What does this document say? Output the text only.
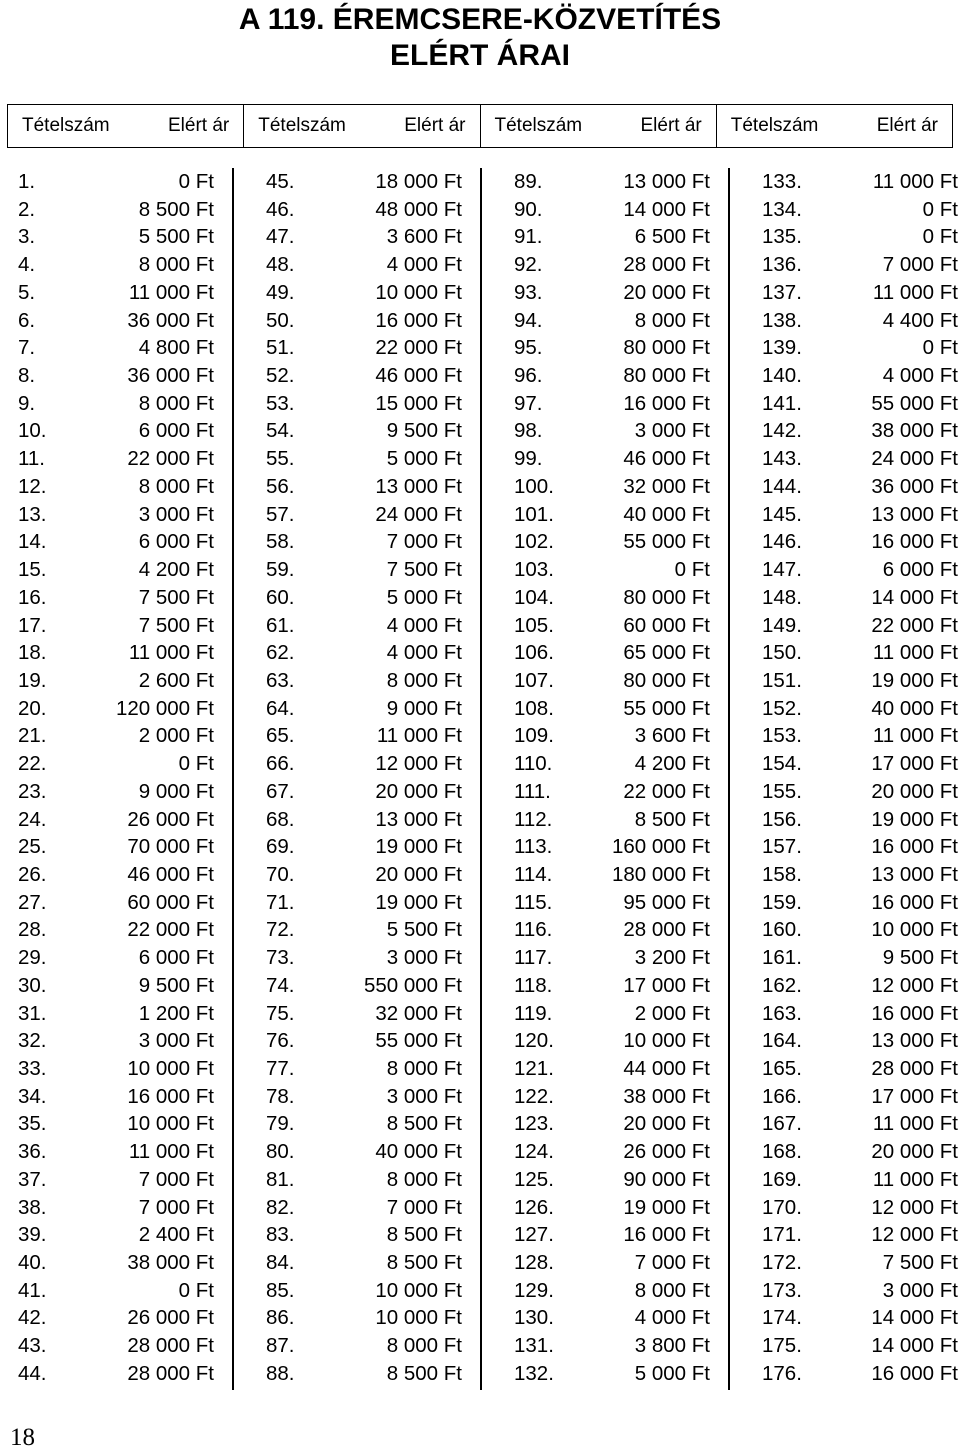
A 119. ÉREMCSERE-KÖZVETÍTÉS
ELÉRT ÁRAI
Tételszám	Elért ár Tételszám	Elért ár Tételszám	Elért ár Tételszám	Elért ár
1.	0 Ft
2.	8 500 Ft
3.	5 500 Ft
4.	8 000 Ft
5.	11 000 Ft
6.	36 000 Ft
7.	4 800 Ft
8.	36 000 Ft
9.	8 000 Ft
10.	6 000 Ft
11.	22 000 Ft
12.	8 000 Ft
13.	3 000 Ft
14.	6 000 Ft
15.	4 200 Ft
16.	7 500 Ft
17.	7 500 Ft
18.	11 000 Ft
19.	2 600 Ft
20.	120 000 Ft
21.	2 000 Ft
22.	0 Ft
23.	9 000 Ft
24.	26 000 Ft
25.	70 000 Ft
26.	46 000 Ft
27.	60 000 Ft
28.	22 000 Ft
29.	6 000 Ft
30.	9 500 Ft
31.	1 200 Ft
32.	3 000 Ft
33.	10 000 Ft
34.	16 000 Ft
35.	10 000 Ft
36.	11 000 Ft
37.	7 000 Ft
38.	7 000 Ft
39.	2 400 Ft
40.	38 000 Ft
41.	0 Ft
42.	26 000 Ft
43.	28 000 Ft
44.	28 000 Ft
45.	18 000 Ft
46.	48 000 Ft
47.	3 600 Ft
48.	4 000 Ft
49.	10 000 Ft
50.	16 000 Ft
51.	22 000 Ft
52.	46 000 Ft
53.	15 000 Ft
54.	9 500 Ft
55.	5 000 Ft
56.	13 000 Ft
57.	24 000 Ft
58.	7 000 Ft
59.	7 500 Ft
60.	5 000 Ft
61.	4 000 Ft
62.	4 000 Ft
63.	8 000 Ft
64.	9 000 Ft
65.	11 000 Ft
66.	12 000 Ft
67.	20 000 Ft
68.	13 000 Ft
69.	19 000 Ft
70.	20 000 Ft
71.	19 000 Ft
72.	5 500 Ft
73.	3 000 Ft
74.	550 000 Ft
75.	32 000 Ft
76.	55 000 Ft
77.	8 000 Ft
78.	3 000 Ft
79.	8 500 Ft
80.	40 000 Ft
81.	8 000 Ft
82.	7 000 Ft
83.	8 500 Ft
84.	8 500 Ft
85.	10 000 Ft
86.	10 000 Ft
87.	8 000 Ft
88.	8 500 Ft
89.	13 000 Ft
90.	14 000 Ft
91.	6 500 Ft
92.	28 000 Ft
93.	20 000 Ft
94.	8 000 Ft
95.	80 000 Ft
96.	80 000 Ft
97.	16 000 Ft
98.	3 000 Ft
99.	46 000 Ft
100.	32 000 Ft
101.	40 000 Ft
102.	55 000 Ft
103.	0 Ft
104.	80 000 Ft
105.	60 000 Ft
106.	65 000 Ft
107.	80 000 Ft
108.	55 000 Ft
109.	3 600 Ft
110.	4 200 Ft
111.	22 000 Ft
112.	8 500 Ft
113.	160 000 Ft
114.	180 000 Ft
115.	95 000 Ft
116.	28 000 Ft
117.	3 200 Ft
118.	17 000 Ft
119.	2 000 Ft
120.	10 000 Ft
121.	44 000 Ft
122.	38 000 Ft
123.	20 000 Ft
124.	26 000 Ft
125.	90 000 Ft
126.	19 000 Ft
127.	16 000 Ft
128.	7 000 Ft
129.	8 000 Ft
130.	4 000 Ft
131.	3 800 Ft
132.	5 000 Ft
133.	11 000 Ft
134.	0 Ft
135.	0 Ft
136.	7 000 Ft
137.	11 000 Ft
138.	4 400 Ft
139.	0 Ft
140.	4 000 Ft
141.	55 000 Ft
142.	38 000 Ft
143.	24 000 Ft
144.	36 000 Ft
145.	13 000 Ft
146.	16 000 Ft
147.	6 000 Ft
148.	14 000 Ft
149.	22 000 Ft
150.	11 000 Ft
151.	19 000 Ft
152.	40 000 Ft
153.	11 000 Ft
154.	17 000 Ft
155.	20 000 Ft
156.	19 000 Ft
157.	16 000 Ft
158.	13 000 Ft
159.	16 000 Ft
160.	10 000 Ft
161.	9 500 Ft
162.	12 000 Ft
163.	16 000 Ft
164.	13 000 Ft
165.	28 000 Ft
166.	17 000 Ft
167.	11 000 Ft
168.	20 000 Ft
169.	11 000 Ft
170.	12 000 Ft
171.	12 000 Ft
172.	7 500 Ft
173.	3 000 Ft
174.	14 000 Ft
175.	14 000 Ft
176.	16 000 Ft
18
